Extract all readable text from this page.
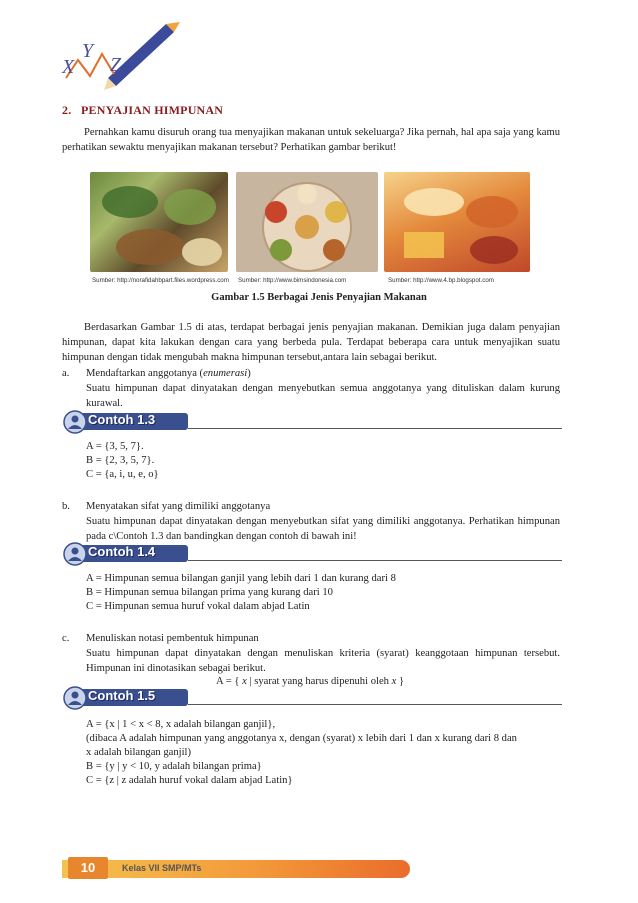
X
Y
Z
2.   PENYAJIAN HIMPUNAN
Pernahkan kamu disuruh orang tua menyajikan makanan untuk sekeluarga? Jika pernah, hal apa saja yang kamu perhatikan sewaktu menyajikan makanan tersebut? Perhatikan gambar berikut!
Sumber: http://norafidahbpart.files.wordpress.com Sumber: http://www.bimsindonesia.com	Sumber: http://www.4.bp.blogspot.com
Gambar 1.5 Berbagai Jenis Penyajian Makanan
Berdasarkan Gambar 1.5 di atas, terdapat berbagai jenis penyajian makanan. Demikian juga dalam penyajian himpunan, dapat kita lakukan dengan cara yang berbeda pula. Terdapat beberapa cara untuk menyajikan suatu himpunan dengan tidak mengubah makna himpunan tersebut,antara lain sebagai berikut.
a. Mendaftarkan anggotanya (enumerasi)
Suatu himpunan dapat dinyatakan dengan menyebutkan semua anggotanya yang dituliskan dalam kurung kurawal.
Contoh 1.3
A = {3, 5, 7}.
B = {2, 3, 5, 7}.
C = {a, i, u, e, o}
b. Menyatakan sifat yang dimiliki anggotanya
Suatu himpunan dapat dinyatakan dengan menyebutkan sifat yang dimiliki anggotanya. Perhatikan himpunan pada c\Contoh 1.3 dan bandingkan dengan contoh di bawah ini!
Contoh 1.4
A = Himpunan semua bilangan ganjil yang lebih dari 1 dan kurang dari 8
B = Himpunan semua bilangan prima yang kurang dari 10
C = Himpunan semua huruf vokal dalam abjad Latin
c. Menuliskan notasi pembentuk himpunan
Suatu himpunan dapat dinyatakan dengan menuliskan kriteria (syarat) keanggotaan himpunan tersebut. Himpunan ini dinotasikan sebagai berikut.
A = { x | syarat yang harus dipenuhi oleh x }
Contoh 1.5
A = {x | 1 < x < 8, x adalah bilangan ganjil},
(dibaca A adalah himpunan yang anggotanya x, dengan (syarat) x lebih dari 1 dan x kurang dari 8 dan
x adalah bilangan ganjil)
B = {y | y < 10, y adalah bilangan prima}
C = {z | z adalah huruf vokal dalam abjad Latin}
10	Kelas VII SMP/MTs
